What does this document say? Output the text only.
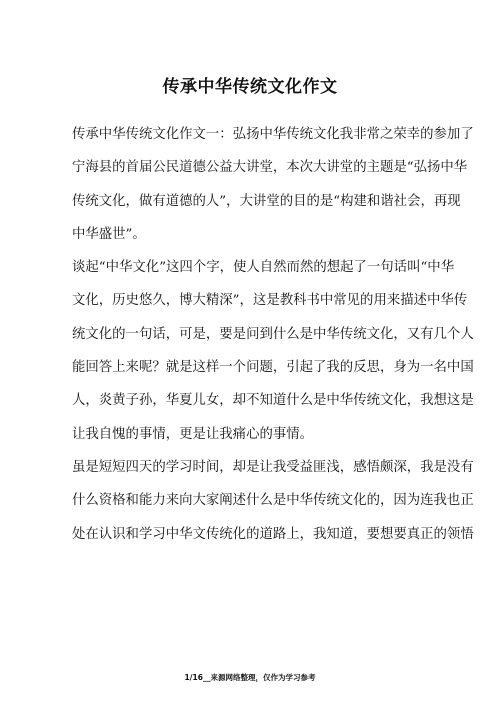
传承中华传统文化作文
传承中华传统文化作文一：弘扬中华传统文化我非常之荣幸的参加了
宁海县的首届公民道德公益大讲堂，本次大讲堂的主题是“弘扬中华
传统文化，做有道德的人”，大讲堂的目的是“构建和谐社会，再现
中华盛世”。
谈起“中华文化”这四个字，使人自然而然的想起了一句话叫“中华
文化，历史悠久，博大精深”，这是教科书中常见的用来描述中华传
统文化的一句话，可是，要是问到什么是中华传统文化，又有几个人
能回答上来呢？就是这样一个问题，引起了我的反思，身为一名中国
人，炎黄子孙，华夏儿女，却不知道什么是中华传统文化，我想这是
让我自愧的事情，更是让我痛心的事情。
虽是短短四天的学习时间，却是让我受益匪浅，感悟颇深，我是没有
什么资格和能力来向大家阐述什么是中华传统文化的，因为连我也正
处在认识和学习中华文传统化的道路上，我知道，要想要真正的领悟
1/16__来源网络整理，仅作为学习参考
